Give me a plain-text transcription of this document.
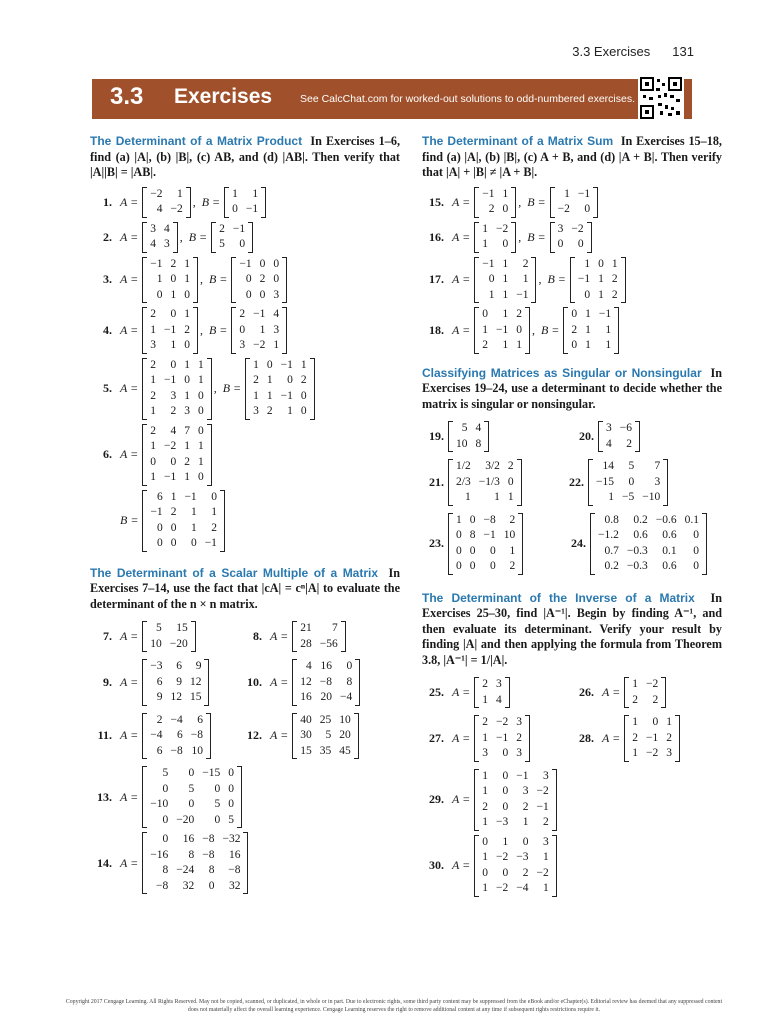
3.3 Exercises 131
3.3 Exercises	See CalcChat.com for worked-out solutions to odd-numbered exercises.
The Determinant of a Matrix Product In Exercises 1–6, find (a) |A|, (b) |B|, (c) AB, and (d) |AB|. Then verify that |A||B| = |AB|.
1. A =
−2	1
4	−2
, B =
1	1
0	−1
2. A =
3	4
4	3
, B =
2	−1
5	0
3. A =
−1	2	1
1	0	1
0	1	0
, B =
−1	0	0
0	2	0
0	0	3
4. A =
2	0	1
1	−1	2
3	1	0
, B =
2	−1	4
0	1	3
3	−2	1
5. A =
2	0	1	1
1	−1	0	1
2	3	1	0
1	2	3	0
, B =
1	0	−1	1
2	1	0	2
1	1	−1	0
3	2	1	0
6. A =
2	4	7	0
1	−2	1	1
0	0	2	1
1	−1	1	0
B =
6	1	−1	0
−1	2	1	1
0	0	1	2
0	0	0	−1
The Determinant of a Scalar Multiple of a Matrix In Exercises 7–14, use the fact that |cA| = cⁿ|A| to evaluate the determinant of the n × n matrix.
7. A =
5	15
10	−20
8. A =
21	7
28	−56
9. A =
−3	6	9
6	9	12
9	12	15
10. A =
4	16	0
12	−8	8
16	20	−4
11. A =
2	−4	6
−4	6	−8
6	−8	10
12. A =
40	25	10
30	5	20
15	35	45
13. A =
5	0	−15	0
0	5	0	0
−10	0	5	0
0	−20	0	5
14. A =
0	16	−8	−32
−16	8	−8	16
8	−24	8	−8
−8	32	0	32
The Determinant of a Matrix Sum In Exercises 15–18, find (a) |A|, (b) |B|, (c) A + B, and (d) |A + B|. Then verify that |A| + |B| ≠ |A + B|.
15. A =
−1	1
2	0
, B =
1	−1
−2	0
16. A =
1	−2
1	0
, B =
3	−2
0	0
17. A =
−1	1	2
0	1	1
1	1	−1
, B =
1	0	1
−1	1	2
0	1	2
18. A =
0	1	2
1	−1	0
2	1	1
, B =
0	1	−1
2	1	1
0	1	1
Classifying Matrices as Singular or Nonsingular In Exercises 19–24, use a determinant to decide whether the matrix is singular or nonsingular.
19.
5	4
10	8
20.
3	−6
4	2
21.
1/2	3/2	2
2/3	−1/3	0
1	1	1
22.
14	5	7
−15	0	3
1	−5	−10
23.
1	0	−8	2
0	8	−1	10
0	0	0	1
0	0	0	2
24.
0.8	0.2	−0.6	0.1
−1.2	0.6	0.6	0
0.7	−0.3	0.1	0
0.2	−0.3	0.6	0
The Determinant of the Inverse of a Matrix In Exercises 25–30, find |A⁻¹|. Begin by finding A⁻¹, and then evaluate its determinant. Verify your result by finding |A| and then applying the formula from Theorem 3.8, |A⁻¹| = 1/|A|.
25. A =
2	3
1	4
26. A =
1	−2
2	2
27. A =
2	−2	3
1	−1	2
3	0	3
28. A =
1	0	1
2	−1	2
1	−2	3
29. A =
1	0	−1	3
1	0	3	−2
2	0	2	−1
1	−3	1	2
30. A =
0	1	0	3
1	−2	−3	1
0	0	2	−2
1	−2	−4	1
Copyright 2017 Cengage Learning. All Rights Reserved. May not be copied, scanned, or duplicated, in whole or in part. Due to electronic rights, some third party content may be suppressed from the eBook and/or eChapter(s). Editorial review has deemed that any suppressed content does not materially affect the overall learning experience. Cengage Learning reserves the right to remove additional content at any time if subsequent rights restrictions require it.
